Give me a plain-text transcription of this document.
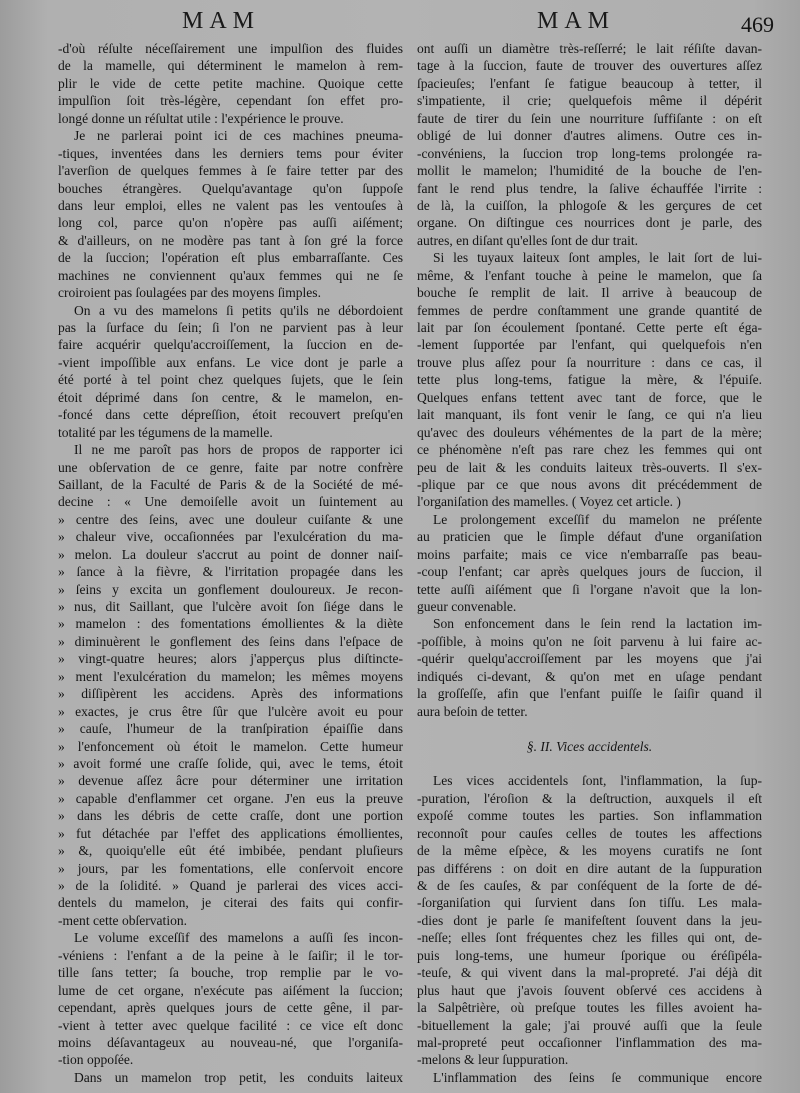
MAM	MAM	469
-d'où réſulte néceſſairement une impulſion des fluides
de la mamelle, qui déterminent le mamelon à rem-
plir le vide de cette petite machine. Quoique cette
impulſion ſoit très-légère, cependant ſon effet pro-
longé donne un réſultat utile : l'expérience le prouve.
Je ne parlerai point ici de ces machines pneuma-
-tiques, inventées dans les derniers tems pour éviter
l'averſion de quelques femmes à ſe faire tetter par des
bouches étrangères. Quelqu'avantage qu'on ſuppoſe
dans leur emploi, elles ne valent pas les ventouſes à
long col, parce qu'on n'opère pas auſſi aiſément;
& d'ailleurs, on ne modère pas tant à ſon gré la force
de la ſuccion; l'opération eſt plus embarraſſante. Ces
machines ne conviennent qu'aux femmes qui ne ſe
croiroient pas ſoulagées par des moyens ſimples.
On a vu des mamelons ſi petits qu'ils ne débordoient
pas la ſurface du ſein; ſi l'on ne parvient pas à leur
faire acquérir quelqu'accroiſſement, la ſuccion en de-
-vient impoſſible aux enfans. Le vice dont je parle a
été porté à tel point chez quelques ſujets, que le ſein
étoit déprimé dans ſon centre, & le mamelon, en-
-foncé dans cette dépreſſion, étoit recouvert preſqu'en
totalité par les tégumens de la mamelle.
Il ne me paroît pas hors de propos de rapporter ici
une obſervation de ce genre, faite par notre confrère
Saillant, de la Faculté de Paris & de la Société de mé-
decine : « Une demoiſelle avoit un ſuintement au
» centre des ſeins, avec une douleur cuiſante & une
» chaleur vive, occaſionnées par l'exulcération du ma-
» melon. La douleur s'accrut au point de donner naiſ-
» ſance à la fièvre, & l'irritation propagée dans les
» ſeins y excita un gonflement douloureux. Je recon-
» nus, dit Saillant, que l'ulcère avoit ſon ſiége dans le
» mamelon : des fomentations émollientes & la diète
» diminuèrent le gonflement des ſeins dans l'eſpace de
» vingt-quatre heures; alors j'apperçus plus diſtincte-
» ment l'exulcération du mamelon; les mêmes moyens
» diſſipèrent les accidens. Après des informations
» exactes, je crus être ſûr que l'ulcère avoit eu pour
» cauſe, l'humeur de la tranſpiration épaiſſie dans
» l'enfoncement où étoit le mamelon. Cette humeur
» avoit formé une craſſe ſolide, qui, avec le tems, étoit
» devenue aſſez âcre pour déterminer une irritation
» capable d'enflammer cet organe. J'en eus la preuve
» dans les débris de cette craſſe, dont une portion
» fut détachée par l'effet des applications émollientes,
» &, quoiqu'elle eût été imbibée, pendant pluſieurs
» jours, par les fomentations, elle conſervoit encore
» de la ſolidité. » Quand je parlerai des vices acci-
dentels du mamelon, je citerai des faits qui confir-
-ment cette obſervation.
Le volume exceſſif des mamelons a auſſi ſes incon-
-véniens : l'enfant a de la peine à le ſaiſir; il le tor-
tille ſans tetter; ſa bouche, trop remplie par le vo-
lume de cet organe, n'exécute pas aiſément la ſuccion;
cependant, après quelques jours de cette gêne, il par-
-vient à tetter avec quelque facilité : ce vice eſt donc
moins déſavantageux au nouveau-né, que l'organiſa-
-tion oppoſée.
Dans un mamelon trop petit, les conduits laiteux
ont auſſi un diamètre très-reſſerré; le lait réſiſte davan-
tage à la ſuccion, faute de trouver des ouvertures aſſez
ſpacieuſes; l'enfant ſe fatigue beaucoup à tetter, il
s'impatiente, il crie; quelquefois même il dépérit
faute de tirer du ſein une nourriture ſuffiſante : on eſt
obligé de lui donner d'autres alimens. Outre ces in-
-convéniens, la ſuccion trop long-tems prolongée ra-
mollit le mamelon; l'humidité de la bouche de l'en-
fant le rend plus tendre, la ſalive échauffée l'irrite :
de là, la cuiſſon, la phlogoſe & les gerçures de cet
organe. On diſtingue ces nourrices dont je parle, des
autres, en diſant qu'elles ſont de dur trait.
Si les tuyaux laiteux ſont amples, le lait ſort de lui-
même, & l'enfant touche à peine le mamelon, que ſa
bouche ſe remplit de lait. Il arrive à beaucoup de
femmes de perdre conſtamment une grande quantité de
lait par ſon écoulement ſpontané. Cette perte eſt éga-
-lement ſupportée par l'enfant, qui quelquefois n'en
trouve plus aſſez pour ſa nourriture : dans ce cas, il
tette plus long-tems, fatigue la mère, & l'épuiſe.
Quelques enfans tettent avec tant de force, que le
lait manquant, ils font venir le ſang, ce qui n'a lieu
qu'avec des douleurs véhémentes de la part de la mère;
ce phénomène n'eſt pas rare chez les femmes qui ont
peu de lait & les conduits laiteux très-ouverts. Il s'ex-
-plique par ce que nous avons dit précédemment de
l'organiſation des mamelles. ( Voyez cet article. )
Le prolongement exceſſif du mamelon ne préſente
au praticien que le ſimple défaut d'une organiſation
moins parfaite; mais ce vice n'embarraſſe pas beau-
-coup l'enfant; car après quelques jours de ſuccion, il
tette auſſi aiſément que ſi l'organe n'avoit que la lon-
gueur convenable.
Son enfoncement dans le ſein rend la lactation im-
-poſſible, à moins qu'on ne ſoit parvenu à lui faire ac-
-quérir quelqu'accroiſſement par les moyens que j'ai
indiqués ci-devant, & qu'on met en uſage pendant
la groſſeſſe, afin que l'enfant puiſſe le ſaiſir quand il
aura beſoin de tetter.
§. II. Vices accidentels.
Les vices accidentels ſont, l'inflammation, la ſup-
-puration, l'éroſion & la deſtruction, auxquels il eſt
expoſé comme toutes les parties. Son inflammation
reconnoît pour cauſes celles de toutes les affections
de la même eſpèce, & les moyens curatifs ne ſont
pas différens : on doit en dire autant de la ſuppuration
& de ſes cauſes, & par conſéquent de la ſorte de dé-
-ſorganiſation qui ſurvient dans ſon tiſſu. Les mala-
-dies dont je parle ſe manifeſtent ſouvent dans la jeu-
-neſſe; elles ſont fréquentes chez les filles qui ont, de-
puis long-tems, une humeur ſporique ou éréſipéla-
-teuſe, & qui vivent dans la mal-propreté. J'ai déjà dit
plus haut que j'avois ſouvent obſervé ces accidens à
la Salpêtrière, où preſque toutes les filles avoient ha-
-bituellement la gale; j'ai prouvé auſſi que la ſeule
mal-propreté peut occaſionner l'inflammation des ma-
-melons & leur ſuppuration.
L'inflammation des ſeins ſe communique encore
